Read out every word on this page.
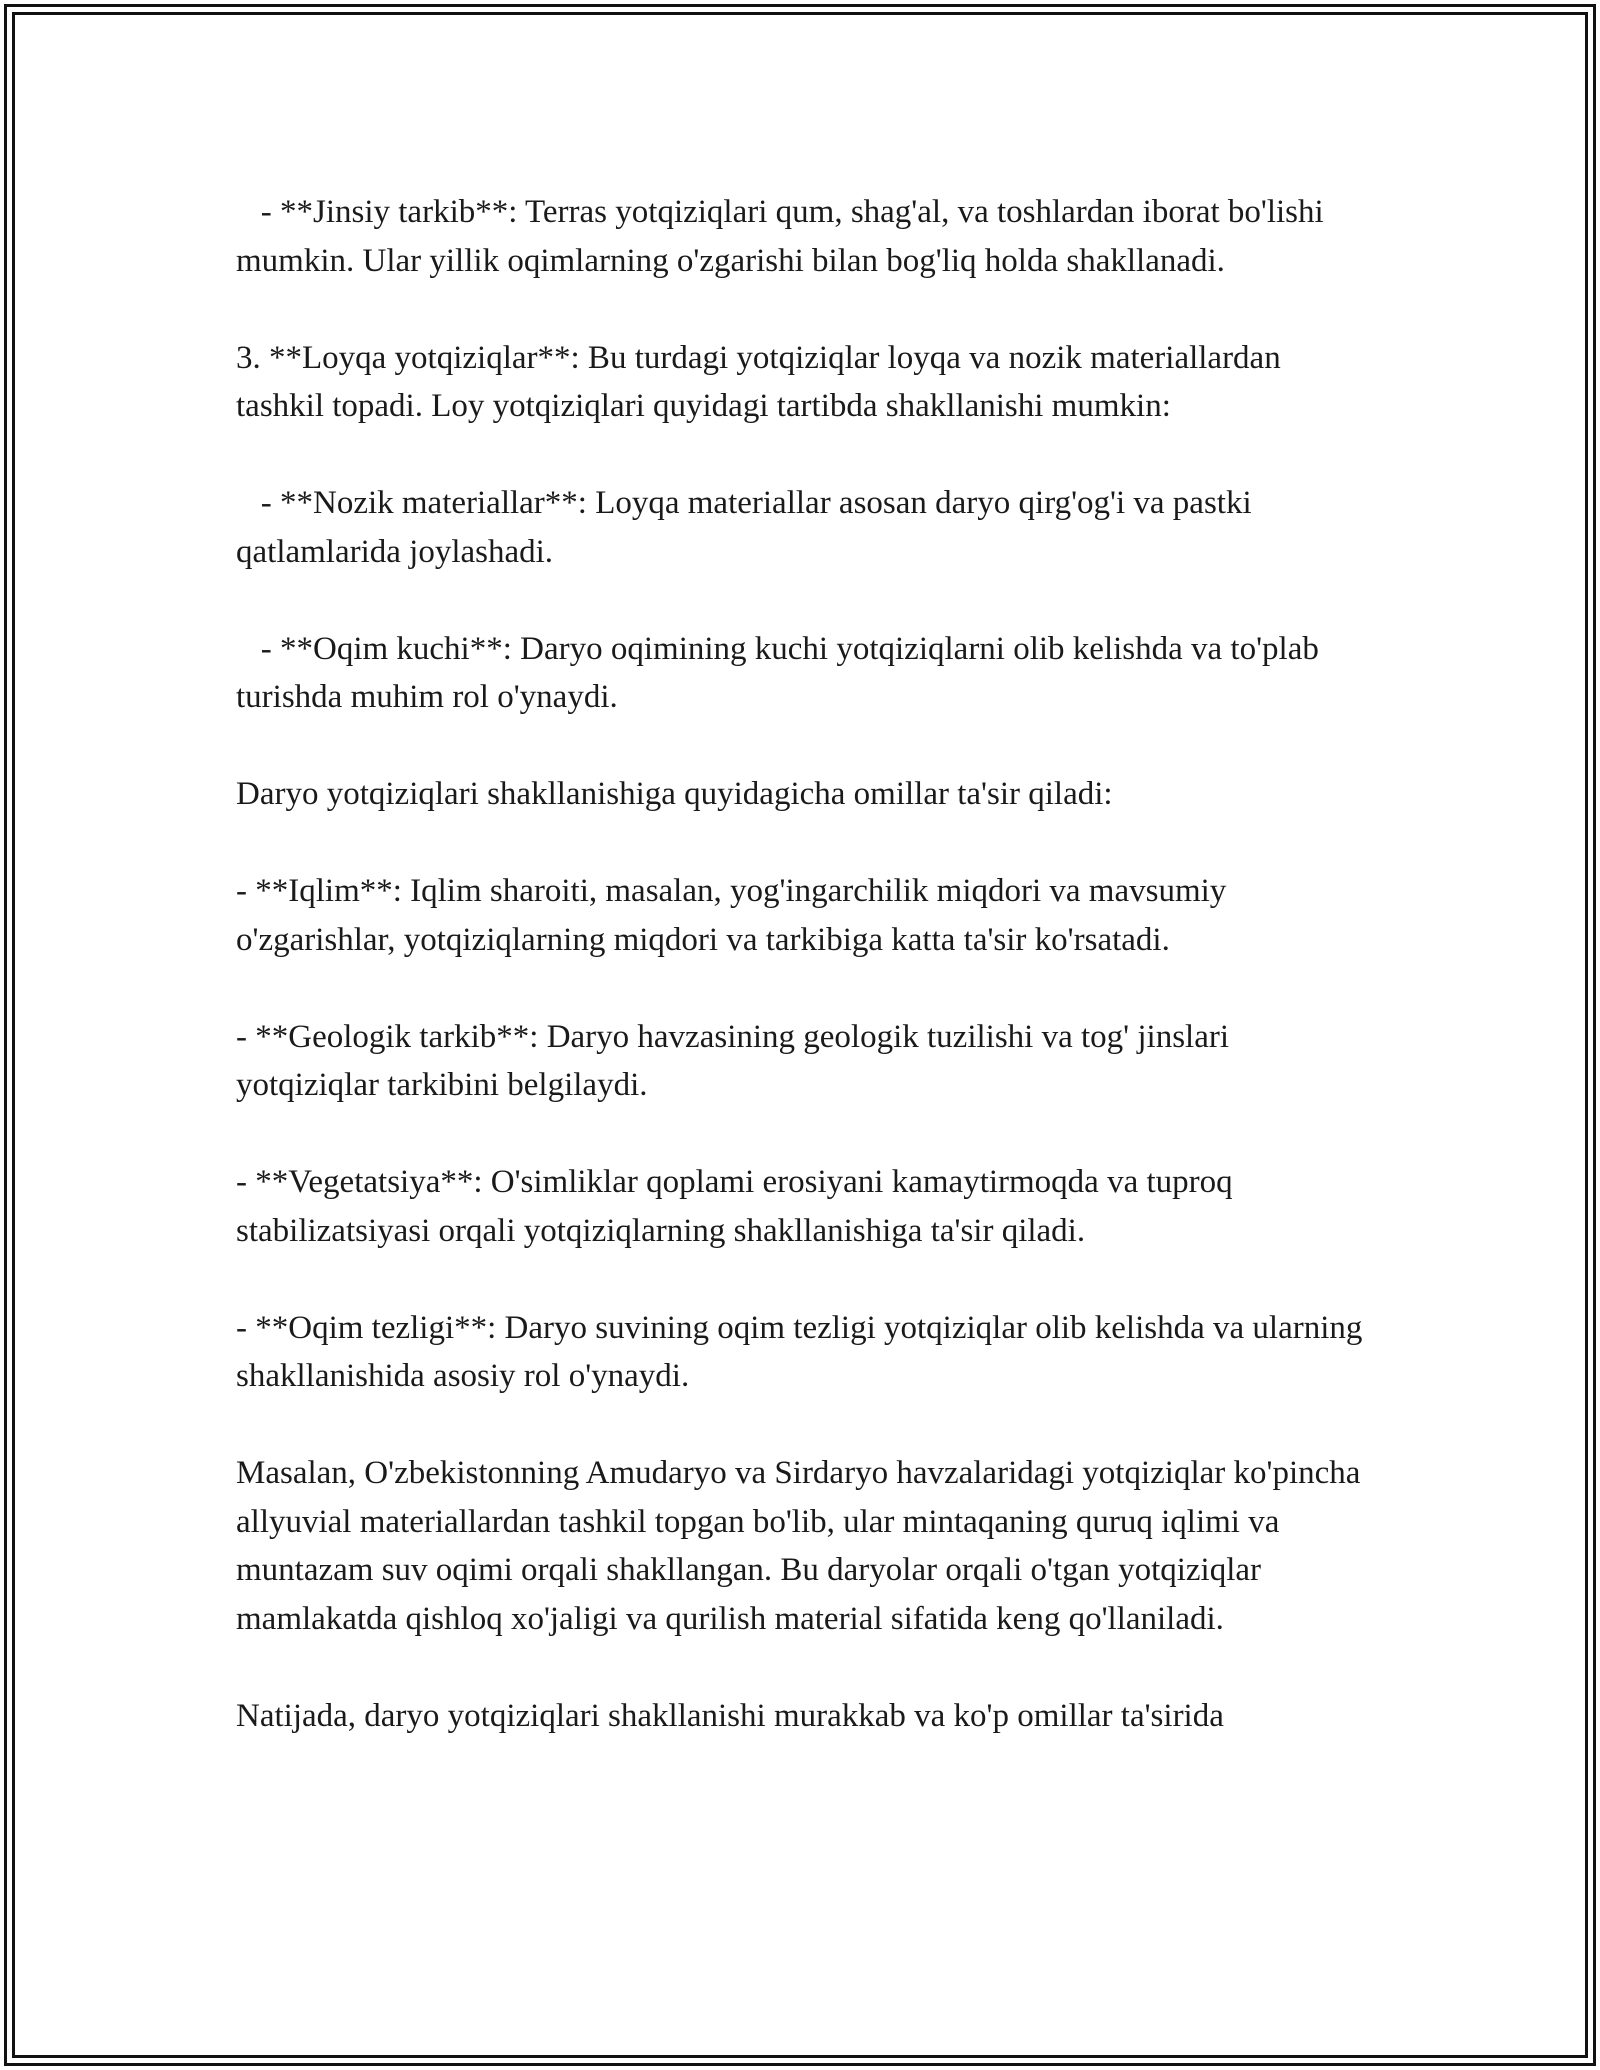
- **Jinsiy tarkib**: Terras yotqiziqlari qum, shag'al, va toshlardan iborat bo'lishi mumkin. Ular yillik oqimlarning o'zgarishi bilan bog'liq holda shakllanadi.

3. **Loyqa yotqiziqlar**: Bu turdagi yotqiziqlar loyqa va nozik materiallardan tashkil topadi. Loy yotqiziqlari quyidagi tartibda shakllanishi mumkin:

- **Nozik materiallar**: Loyqa materiallar asosan daryo qirg'og'i va pastki qatlamlarida joylashadi.

- **Oqim kuchi**: Daryo oqimining kuchi yotqiziqlarni olib kelishda va to'plab turishda muhim rol o'ynaydi.

Daryo yotqiziqlari shakllanishiga quyidagicha omillar ta'sir qiladi:

- **Iqlim**: Iqlim sharoiti, masalan, yog'ingarchilik miqdori va mavsumiy o'zgarishlar, yotqiziqlarning miqdori va tarkibiga katta ta'sir ko'rsatadi.

- **Geologik tarkib**: Daryo havzasining geologik tuzilishi va tog' jinslari yotqiziqlar tarkibini belgilaydi.

- **Vegetatsiya**: O'simliklar qoplami erosiyani kamaytirmoqda va tuproq stabilizatsiyasi orqali yotqiziqlarning shakllanishiga ta'sir qiladi.

- **Oqim tezligi**: Daryo suvining oqim tezligi yotqiziqlar olib kelishda va ularning shakllanishida asosiy rol o'ynaydi.

Masalan, O'zbekistonning Amudaryo va Sirdaryo havzalaridagi yotqiziqlar ko'pincha allyuvial materiallardan tashkil topgan bo'lib, ular mintaqaning quruq iqlimi va muntazam suv oqimi orqali shakllangan. Bu daryolar orqali o'tgan yotqiziqlar mamlakatda qishloq xo'jaligi va qurilish material sifatida keng qo'llaniladi.

Natijada, daryo yotqiziqlari shakllanishi murakkab va ko'p omillar ta'sirida
